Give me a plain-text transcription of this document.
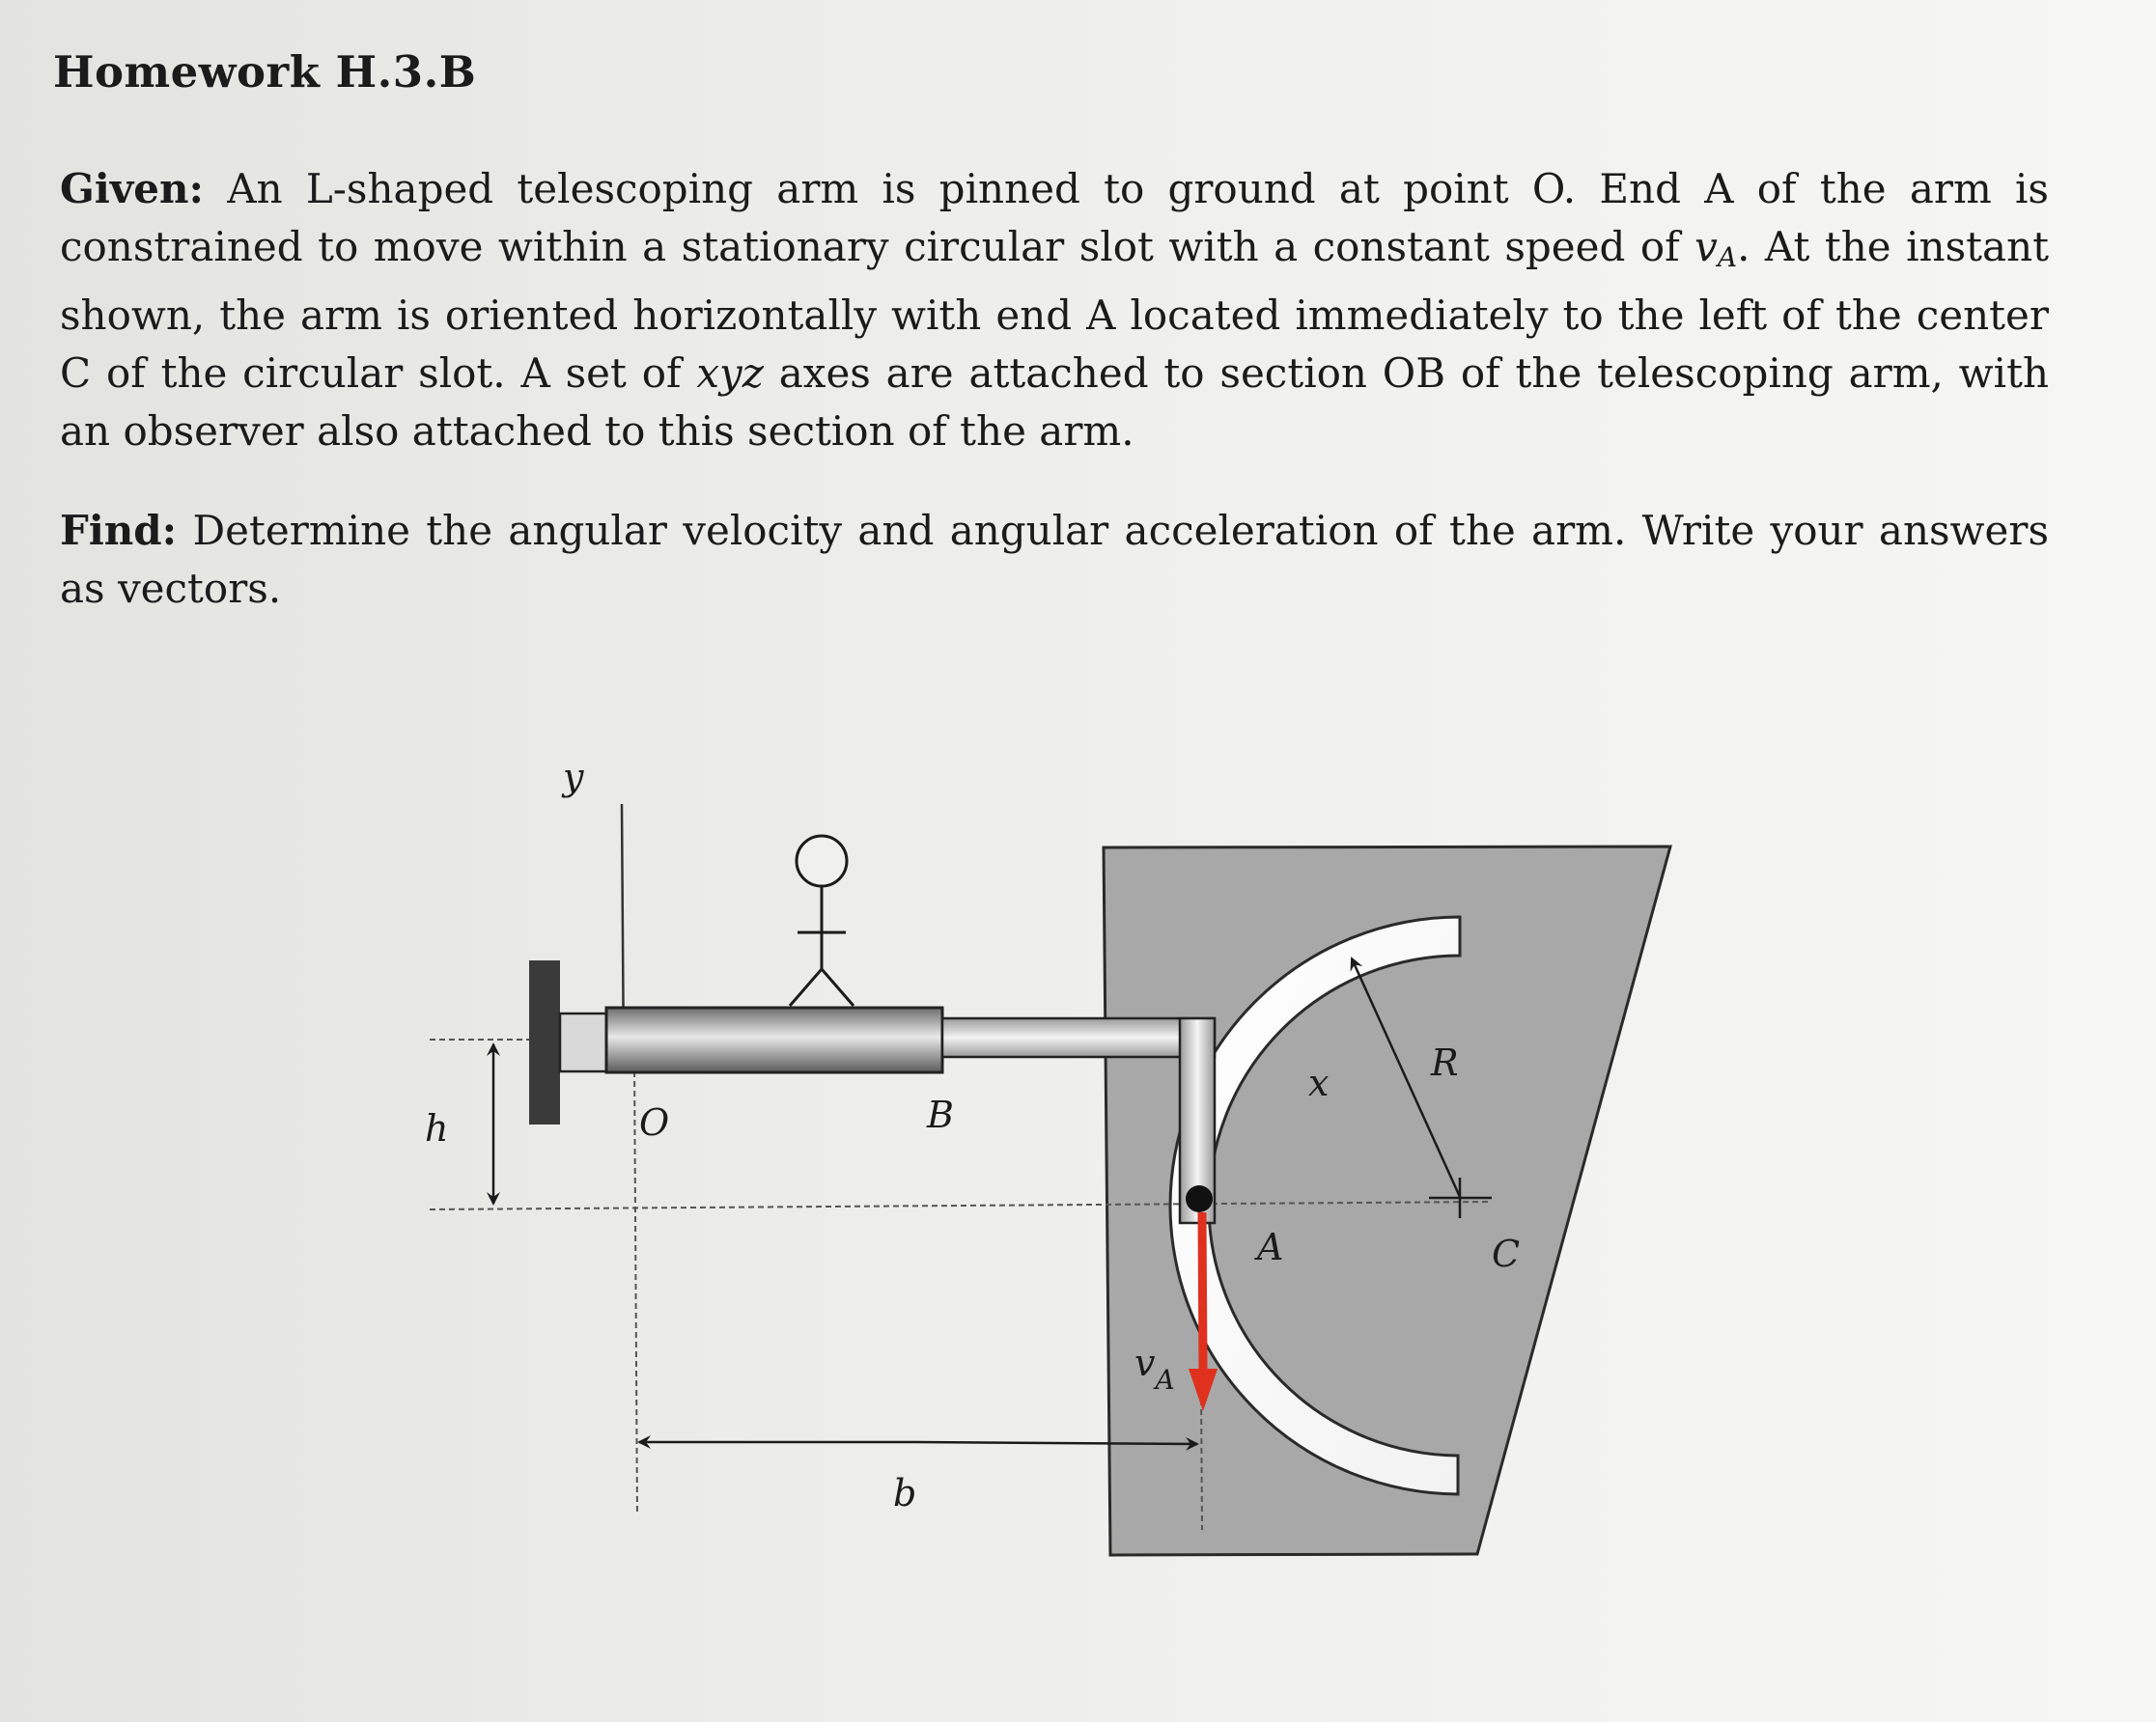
Homework H.3.B
Given: An L-shaped telescoping arm is pinned to ground at point O. End A of the arm is constrained to move within a stationary circular slot with a constant speed of $v_A$. At the instant shown, the arm is oriented horizontally with end A located immediately to the left of the center C of the circular slot. A set of xyz axes are attached to section OB of the telescoping arm, with an observer also attached to this section of the arm.
Find: Determine the angular velocity and angular acceleration of the arm. Write your answers as vectors.
y
h	O	B
x	R
A	C
$v_A$
b
